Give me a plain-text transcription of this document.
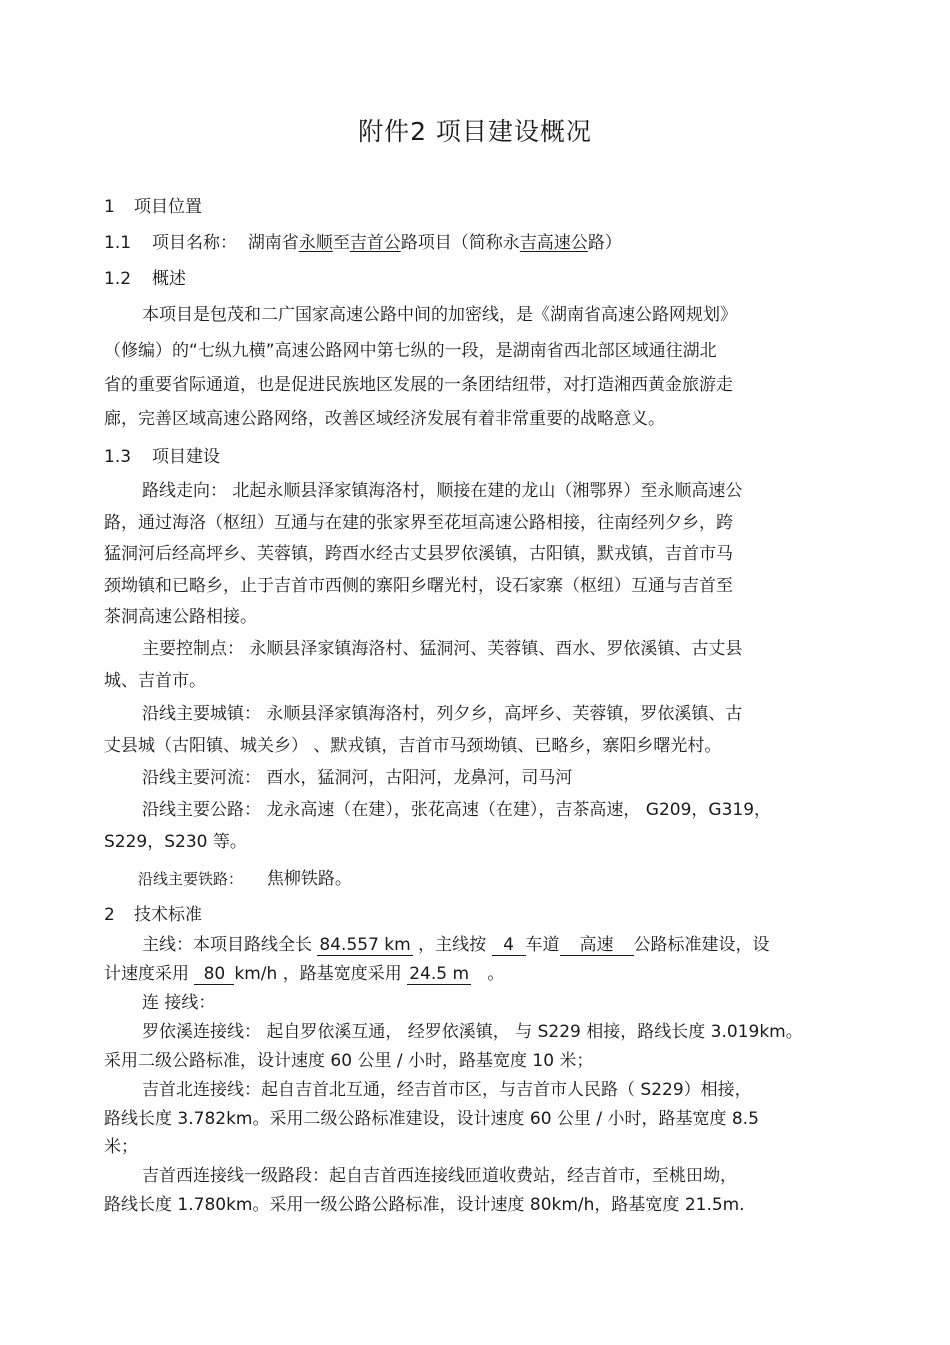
附件2 项目建设概况
1 项目位置
1.1 项目名称： 湖南省永顺至吉首公路项目（简称永吉高速公路）
1.2 概述
本项目是包茂和二广国家高速公路中间的加密线，是《湖南省高速公路网规划》
（修编）的“七纵九横”高速公路网中第七纵的一段，是湖南省西北部区域通往湖北
省的重要省际通道，也是促进民族地区发展的一条团结纽带，对打造湘西黄金旅游走
廊，完善区域高速公路网络，改善区域经济发展有着非常重要的战略意义。
1.3 项目建设
路线走向： 北起永顺县泽家镇海洛村，顺接在建的龙山（湘鄂界）至永顺高速公
路，通过海洛（枢纽）互通与在建的张家界至花垣高速公路相接，往南经列夕乡，跨
猛洞河后经高坪乡、芙蓉镇，跨酉水经古丈县罗依溪镇，古阳镇，默戎镇，吉首市马
颈坳镇和已略乡，止于吉首市西侧的寨阳乡曙光村，设石家寨（枢纽）互通与吉首至
茶洞高速公路相接。
主要控制点： 永顺县泽家镇海洛村、猛洞河、芙蓉镇、酉水、罗依溪镇、古丈县
城、吉首市。
沿线主要城镇： 永顺县泽家镇海洛村，列夕乡，高坪乡、芙蓉镇，罗依溪镇、古
丈县城（古阳镇、城关乡） 、默戎镇，吉首市马颈坳镇、已略乡，寨阳乡曙光村。
沿线主要河流： 酉水，猛洞河，古阳河，龙鼻河，司马河
沿线主要公路： 龙永高速（在建），张花高速（在建），吉茶高速， G209，G319，
S229，S230 等。
沿线主要铁路： 焦柳铁路。
2 技术标准
主线：本项目路线全长 84.557 km ，主线按 4 车道 高速 公路标准建设，设
计速度采用 80 km/h ，路基宽度采用 24.5 m 。
连 接线：
罗依溪连接线： 起自罗依溪互通， 经罗依溪镇， 与 S229 相接，路线长度 3.019km。
采用二级公路标准，设计速度 60 公里 / 小时，路基宽度 10 米；
吉首北连接线：起自吉首北互通，经吉首市区，与吉首市人民路（ S229）相接，
路线长度 3.782km。采用二级公路标准建设，设计速度 60 公里 / 小时，路基宽度 8.5
米；
吉首西连接线一级路段：起自吉首西连接线匝道收费站，经吉首市，至桃田坳，
路线长度 1.780km。采用一级公路公路标准，设计速度 80km/h，路基宽度 21.5m.
